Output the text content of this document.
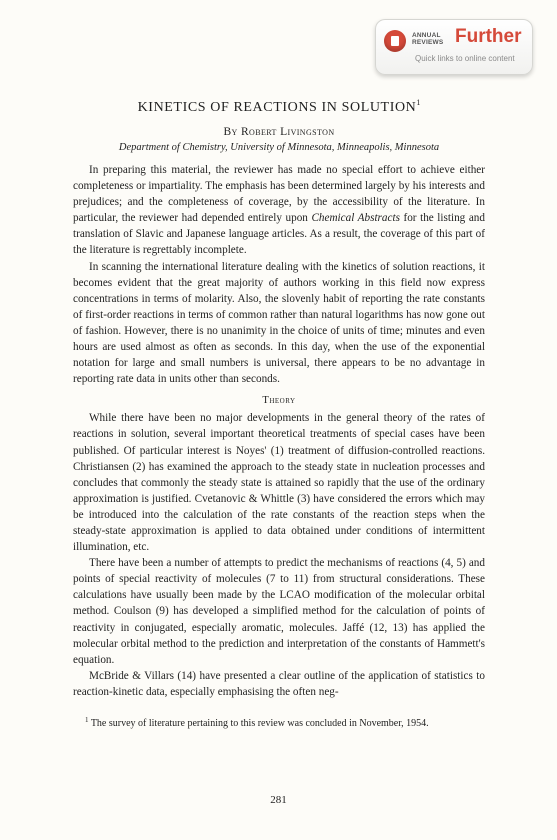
ANNUAL
REVIEWS Further
Quick links to online content
KINETICS OF REACTIONS IN SOLUTION$^1$
By Robert Livingston
Department of Chemistry, University of Minnesota, Minneapolis, Minnesota

In preparing this material, the reviewer has made no special effort to achieve either completeness or impartiality. The emphasis has been determined largely by his interests and prejudices; and the completeness of coverage, by the accessibility of the literature. In particular, the reviewer had depended entirely upon Chemical Abstracts for the listing and translation of Slavic and Japanese language articles. As a result, the coverage of this part of the literature is regrettably incomplete.

In scanning the international literature dealing with the kinetics of solution reactions, it becomes evident that the great majority of authors working in this field now express concentrations in terms of molarity. Also, the slovenly habit of reporting the rate constants of first-order reactions in terms of common rather than natural logarithms has now gone out of fashion. However, there is no unanimity in the choice of units of time; minutes and even hours are used almost as often as seconds. In this day, when the use of the exponential notation for large and small numbers is universal, there appears to be no advantage in reporting rate data in units other than seconds.

Theory

While there have been no major developments in the general theory of the rates of reactions in solution, several important theoretical treatments of special cases have been published. Of particular interest is Noyes' (1) treatment of diffusion-controlled reactions. Christiansen (2) has examined the approach to the steady state in nucleation processes and concludes that commonly the steady state is attained so rapidly that the use of the ordinary approximation is justified. Cvetanovic & Whittle (3) have considered the errors which may be introduced into the calculation of the rate constants of the reaction steps when the steady-state approximation is applied to data obtained under conditions of intermittent illumination, etc.

There have been a number of attempts to predict the mechanisms of reactions (4, 5) and points of special reactivity of molecules (7 to 11) from structural considerations. These calculations have usually been made by the LCAO modification of the molecular orbital method. Coulson (9) has developed a simplified method for the calculation of points of reactivity in conjugated, especially aromatic, molecules. Jaffé (12, 13) has applied the molecular orbital method to the prediction and interpretation of the constants of Hammett's equation.

McBride & Villars (14) have presented a clear outline of the application of statistics to reaction-kinetic data, especially emphasising the often neg-

$^1$ The survey of literature pertaining to this review was concluded in November, 1954.
281
